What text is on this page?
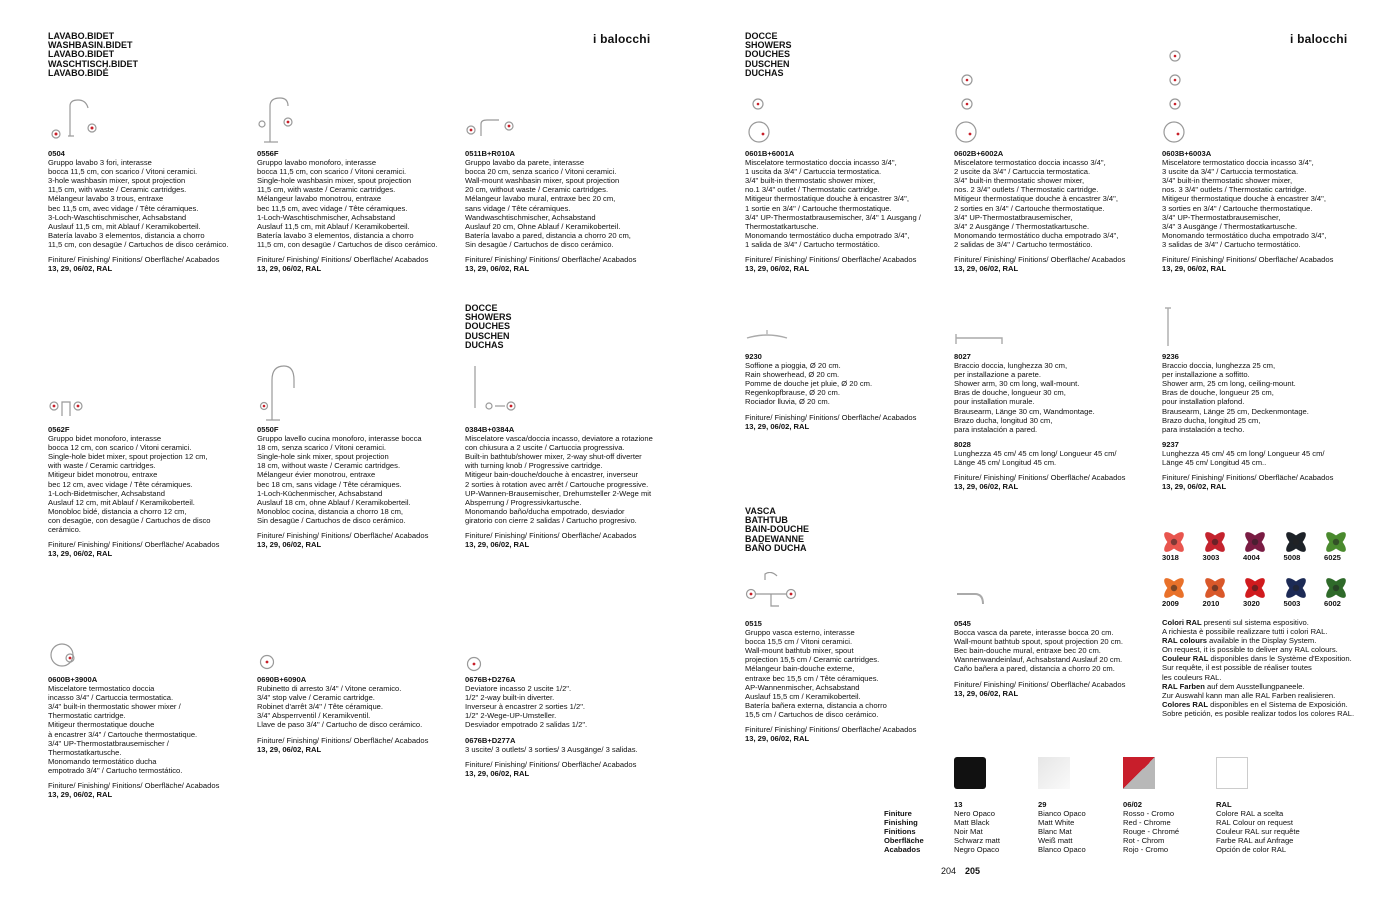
LAVABO.BIDET
WASHBASIN.BIDET
LAVABO.BIDET
WASCHTISCH.BIDET
LAVABO.BIDÉ
i balocchi
0504
Gruppo lavabo 3 fori, interasse
bocca 11,5 cm, con scarico / Vitoni ceramici.
3-hole washbasin mixer, spout projection
11,5 cm, with waste / Ceramic cartridges.
Mélangeur lavabo 3 trous, entraxe
bec 11,5 cm, avec vidage / Tête céramiques.
3-Loch-Waschtischmischer, Achsabstand
Auslauf 11,5 cm, mit Ablauf / Keramikoberteil.
Batería lavabo 3 elementos, distancia a chorro
11,5 cm, con desagüe / Cartuchos de disco cerámico.
Finiture/ Finishing/ Finitions/ Oberfläche/ Acabados
13, 29, 06/02, RAL
0556F
Gruppo lavabo monoforo, interasse
bocca 11,5 cm, con scarico / Vitoni ceramici.
Single-hole washbasin mixer, spout projection
11,5 cm, with waste / Ceramic cartridges.
Mélangeur lavabo monotrou, entraxe
bec 11,5 cm, avec vidage / Tête céramiques.
1-Loch-Waschtischmischer, Achsabstand
Auslauf 11,5 cm, mit Ablauf / Keramikoberteil.
Batería lavabo 3 elementos, distancia a chorro
11,5 cm, con desagüe / Cartuchos de disco cerámico.
Finiture/ Finishing/ Finitions/ Oberfläche/ Acabados
13, 29, 06/02, RAL
0511B+R010A
Gruppo lavabo da parete, interasse
bocca 20 cm, senza scarico / Vitoni ceramici.
Wall-mount washbasin mixer, spout projection
20 cm, without waste / Ceramic cartridges.
Mélangeur lavabo mural, entraxe bec 20 cm,
sans vidage / Tête céramiques.
Wandwaschtischmischer, Achsabstand
Auslauf 20 cm, Ohne Ablauf / Keramikoberteil.
Batería lavabo a pared, distancia a chorro 20 cm,
Sin desagüe / Cartuchos de disco cerámico.
Finiture/ Finishing/ Finitions/ Oberfläche/ Acabados
13, 29, 06/02, RAL
DOCCE
SHOWERS
DOUCHES
DUSCHEN
DUCHAS
0562F
Gruppo bidet monoforo, interasse
bocca 12 cm, con scarico / Vitoni ceramici.
Single-hole bidet mixer, spout projection 12 cm,
with waste / Ceramic cartridges.
Mitigeur bidet monotrou, entraxe
bec 12 cm, avec vidage / Tête céramiques.
1-Loch-Bidetmischer, Achsabstand
Auslauf 12 cm, mit Ablauf / Keramikoberteil.
Monobloc bidé, distancia a chorro 12 cm,
con desagüe, con desagüe / Cartuchos de disco
cerámico.
Finiture/ Finishing/ Finitions/ Oberfläche/ Acabados
13, 29, 06/02, RAL
0550F
Gruppo lavello cucina monoforo, interasse bocca
18 cm, senza scarico / Vitoni ceramici.
Single-hole sink mixer, spout projection
18 cm, without waste / Ceramic cartridges.
Mélangeur évier monotrou, entraxe
bec 18 cm, sans vidage / Tête céramiques.
1-Loch-Küchenmischer, Achsabstand
Auslauf 18 cm, ohne Ablauf / Keramikoberteil.
Monobloc cocina, distancia a chorro 18 cm,
Sin desagüe / Cartuchos de disco cerámico.
Finiture/ Finishing/ Finitions/ Oberfläche/ Acabados
13, 29, 06/02, RAL
0384B+0384A
Miscelatore vasca/doccia incasso, deviatore a rotazione
con chiusura a 2 uscite / Cartuccia progressiva.
Built-in bathtub/shower mixer, 2-way shut-off diverter
with turning knob / Progressive cartridge.
Mitigeur bain-douche/douche à encastrer, inverseur
2 sorties à rotation avec arrêt / Cartouche progressive.
UP-Wannen-Brausemischer, Drehumsteller 2-Wege mit
Absperrung / Progressivkartusche.
Monomando baño/ducha empotrado, desviador
giratorio con cierre 2 salidas / Cartucho progresivo.
Finiture/ Finishing/ Finitions/ Oberfläche/ Acabados
13, 29, 06/02, RAL
0600B+3900A
Miscelatore termostatico doccia
incasso 3/4" / Cartuccia termostatica.
3/4" built-in thermostatic shower mixer /
Thermostatic cartridge.
Mitigeur thermostatique douche
à encastrer 3/4" / Cartouche thermostatique.
3/4" UP-Thermostatbrausemischer /
Thermostatkartusche.
Monomando termostático ducha
empotrado 3/4" / Cartucho termostático.
Finiture/ Finishing/ Finitions/ Oberfläche/ Acabados
13, 29, 06/02, RAL
0690B+6090A
Rubinetto di arresto 3/4" / Vitone ceramico.
3/4" stop valve / Ceramic cartridge.
Robinet d'arrêt 3/4" / Tête céramique.
3/4" Absperrventil / Keramikventil.
Llave de paso 3/4" / Cartucho de disco cerámico.
Finiture/ Finishing/ Finitions/ Oberfläche/ Acabados
13, 29, 06/02, RAL
0676B+D276A
Deviatore incasso 2 uscite 1/2".
1/2" 2-way built-in diverter.
Inverseur à encastrer 2 sorties 1/2".
1/2" 2-Wege-UP-Umsteller.
Desviador empotrado 2 salidas 1/2".
0676B+D277A
3 uscite/ 3 outlets/ 3 sorties/ 3 Ausgänge/ 3 salidas.
Finiture/ Finishing/ Finitions/ Oberfläche/ Acabados
13, 29, 06/02, RAL
DOCCE
SHOWERS
DOUCHES
DUSCHEN
DUCHAS
i balocchi
0601B+6001A
Miscelatore termostatico doccia incasso 3/4",
1 uscita da 3/4" / Cartuccia termostatica.
3/4" built-in thermostatic shower mixer,
no.1 3/4" outlet / Thermostatic cartridge.
Mitigeur thermostatique douche à encastrer 3/4",
1 sortie en 3/4" / Cartouche thermostatique.
3/4" UP-Thermostatbrausemischer, 3/4" 1 Ausgang /
Thermostatkartusche.
Monomando termostático ducha empotrado 3/4",
1 salida de 3/4" / Cartucho termostático.
Finiture/ Finishing/ Finitions/ Oberfläche/ Acabados
13, 29, 06/02, RAL
0602B+6002A
Miscelatore termostatico doccia incasso 3/4",
2 uscite da 3/4" / Cartuccia termostatica.
3/4" built-in thermostatic shower mixer,
nos. 2 3/4" outlets / Thermostatic cartridge.
Mitigeur thermostatique douche à encastrer 3/4",
2 sorties en 3/4" / Cartouche thermostatique.
3/4" UP-Thermostatbrausemischer,
3/4" 2 Ausgänge / Thermostatkartusche.
Monomando termostático ducha empotrado 3/4",
2 salidas de 3/4" / Cartucho termostático.
Finiture/ Finishing/ Finitions/ Oberfläche/ Acabados
13, 29, 06/02, RAL
0603B+6003A
Miscelatore termostatico doccia incasso 3/4",
3 uscite da 3/4" / Cartuccia termostatica.
3/4" built-in thermostatic shower mixer,
nos. 3 3/4" outlets / Thermostatic cartridge.
Mitigeur thermostatique douche à encastrer 3/4",
3 sorties en 3/4" / Cartouche thermostatique.
3/4" UP-Thermostatbrausemischer,
3/4" 3 Ausgänge / Thermostatkartusche.
Monomando termostático ducha empotrado 3/4",
3 salidas de 3/4" / Cartucho termostático.
Finiture/ Finishing/ Finitions/ Oberfläche/ Acabados
13, 29, 06/02, RAL
9230
Soffione a pioggia, Ø 20 cm.
Rain showerhead, Ø 20 cm.
Pomme de douche jet pluie, Ø 20 cm.
Regenkopfbrause, Ø 20 cm.
Rociador lluvia, Ø 20 cm.
Finiture/ Finishing/ Finitions/ Oberfläche/ Acabados
13, 29, 06/02, RAL
8027
Braccio doccia, lunghezza 30 cm,
per installazione a parete.
Shower arm, 30 cm long, wall-mount.
Bras de douche, longueur 30 cm,
pour installation murale.
Brausearm, Länge 30 cm, Wandmontage.
Brazo ducha, longitud 30 cm,
para instalación a pared.
8028
Lunghezza 45 cm/ 45 cm long/ Longueur 45 cm/
Länge 45 cm/ Longitud 45 cm.
Finiture/ Finishing/ Finitions/ Oberfläche/ Acabados
13, 29, 06/02, RAL
9236
Braccio doccia, lunghezza 25 cm,
per installazione a soffitto.
Shower arm, 25 cm long, ceiling-mount.
Bras de douche, longueur 25 cm,
pour installation plafond.
Brausearm, Länge 25 cm, Deckenmontage.
Brazo ducha, longitud 25 cm,
para instalación a techo.
9237
Lunghezza 45 cm/ 45 cm long/ Longueur 45 cm/
Länge 45 cm/ Longitud 45 cm..
Finiture/ Finishing/ Finitions/ Oberfläche/ Acabados
13, 29, 06/02, RAL
VASCA
BATHTUB
BAIN-DOUCHE
BADEWANNE
BAÑO DUCHA
0515
Gruppo vasca esterno, interasse
bocca 15,5 cm / Vitoni ceramici.
Wall-mount bathtub mixer, spout
projection 15,5 cm / Ceramic cartridges.
Mélangeur bain-douche externe,
entraxe bec 15,5 cm / Tête céramiques.
AP-Wannenmischer, Achsabstand
Auslauf 15,5 cm / Keramikoberteil.
Batería bañera externa, distancia a chorro
15,5 cm / Cartuchos de disco cerámico.
Finiture/ Finishing/ Finitions/ Oberfläche/ Acabados
13, 29, 06/02, RAL
0545
Bocca vasca da parete, interasse bocca 20 cm.
Wall-mount bathtub spout, spout projection 20 cm.
Bec bain-douche mural, entraxe bec 20 cm.
Wannenwandeinlauf, Achsabstand Auslauf 20 cm.
Caño bañera a pared, distancia a chorro 20 cm.
Finiture/ Finishing/ Finitions/ Oberfläche/ Acabados
13, 29, 06/02, RAL
3018	3003	4004	5008	6025
2009	2010	3020	5003	6002
Colori RAL presenti sul sistema espositivo.
A richiesta è possibile realizzare tutti i colori RAL.
RAL colours available in the Display System.
On request, it is possible to deliver any RAL colours.
Couleur RAL disponibles dans le Système d'Exposition.
Sur requête, il est possible de réaliser toutes
les couleurs RAL.
RAL Farben auf dem Ausstellungpaneele.
Zur Auswahl kann man alle RAL Farben realisieren.
Colores RAL disponibles en el Sistema de Exposición.
Sobre petición, es posible realizar todos los colores RAL.
Finiture
Finishing
Finitions
Oberfläche
Acabados
13
Nero Opaco
Matt Black
Noir Mat
Schwarz matt
Negro Opaco
29
Bianco Opaco
Matt White
Blanc Mat
Weiß matt
Blanco Opaco
06/02
Rosso - Cromo
Red - Chrome
Rouge - Chromé
Rot - Chrom
Rojo - Cromo
RAL
Colore RAL a scelta
RAL Colour on request
Couleur RAL sur requête
Farbe RAL auf Anfrage
Opción de color RAL
204 205
